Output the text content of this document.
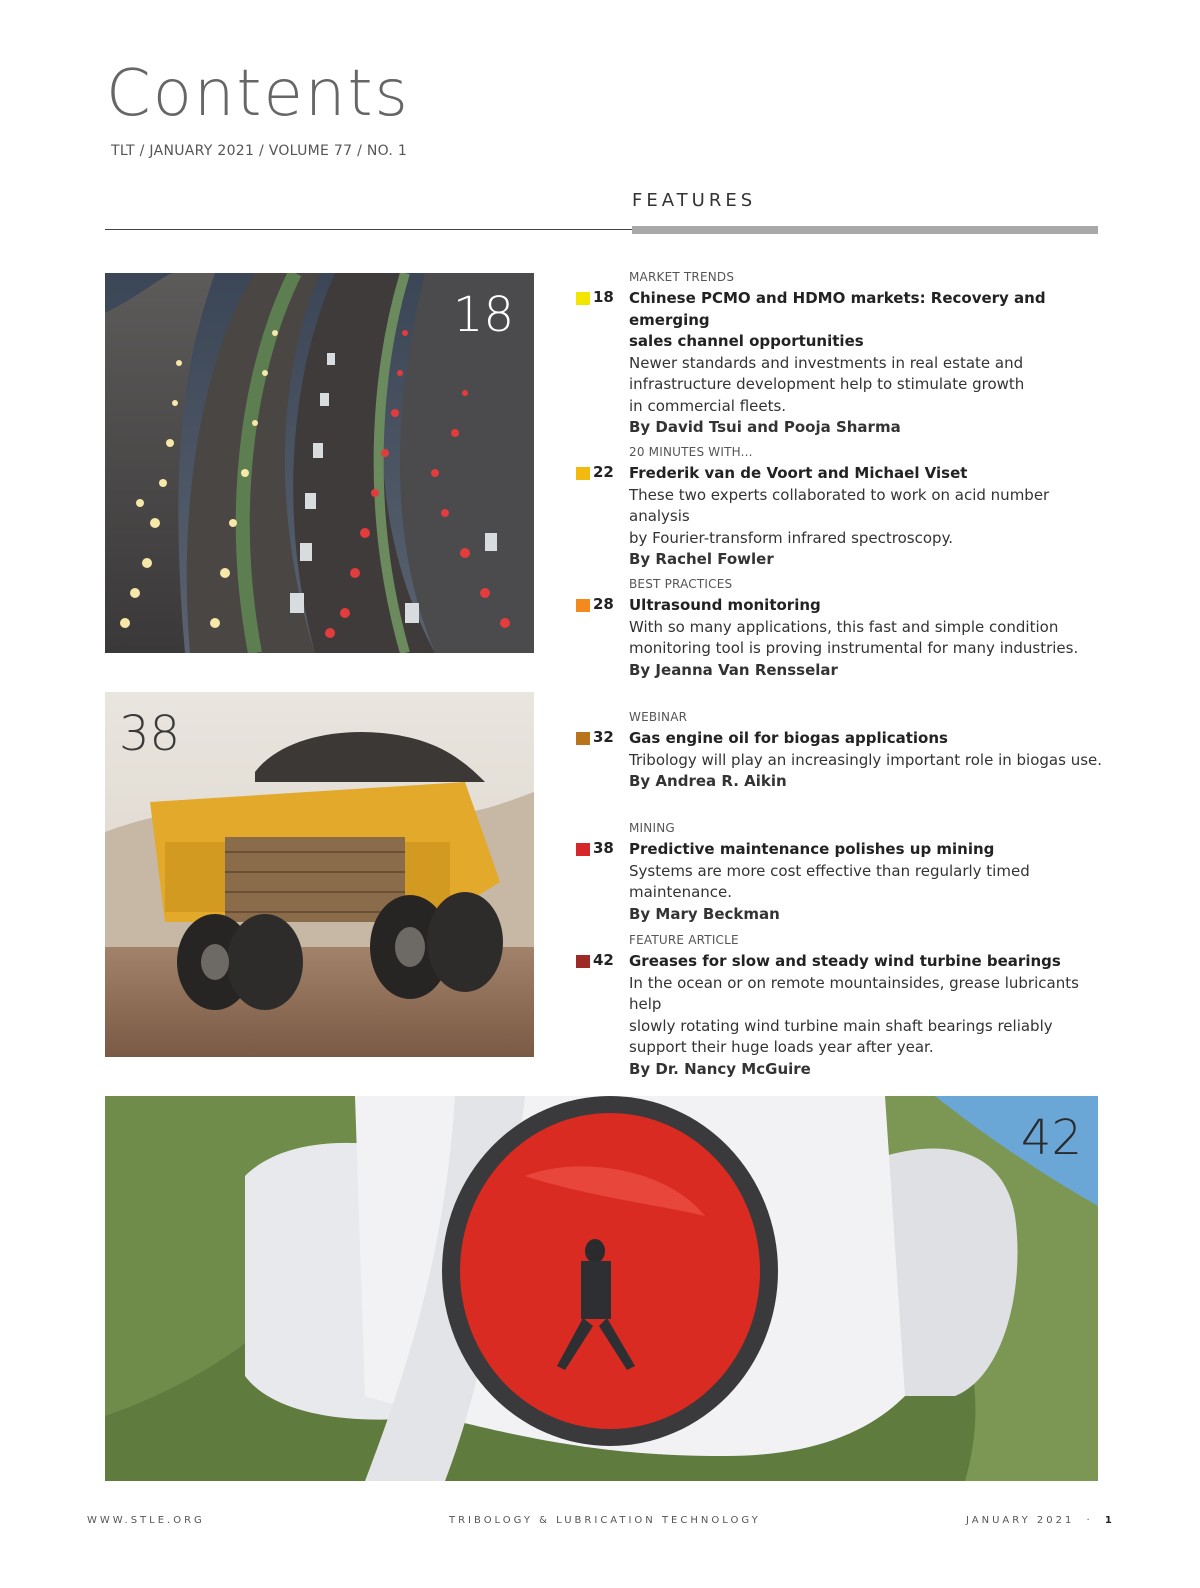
Contents
TLT / JANUARY 2021 / VOLUME 77 / NO. 1
FEATURES
18
38
42
MARKET TRENDS
18 Chinese PCMO and HDMO markets: Recovery and emerging
sales channel opportunities
Newer standards and investments in real estate and
infrastructure development help to stimulate growth
in commercial fleets.
By David Tsui and Pooja Sharma
20 MINUTES WITH...
22 Frederik van de Voort and Michael Viset
These two experts collaborated to work on acid number analysis
by Fourier-transform infrared spectroscopy.
By Rachel Fowler
BEST PRACTICES
28 Ultrasound monitoring
With so many applications, this fast and simple condition
monitoring tool is proving instrumental for many industries.
By Jeanna Van Rensselar
WEBINAR
32 Gas engine oil for biogas applications
Tribology will play an increasingly important role in biogas use.
By Andrea R. Aikin
MINING
38 Predictive maintenance polishes up mining
Systems are more cost effective than regularly timed maintenance.
By Mary Beckman
FEATURE ARTICLE
42 Greases for slow and steady wind turbine bearings
In the ocean or on remote mountainsides, grease lubricants help
slowly rotating wind turbine main shaft bearings reliably
support their huge loads year after year.
By Dr. Nancy McGuire
WWW.STLE.ORG	TRIBOLOGY & LUBRICATION TECHNOLOGY	JANUARY 2021 · 1
